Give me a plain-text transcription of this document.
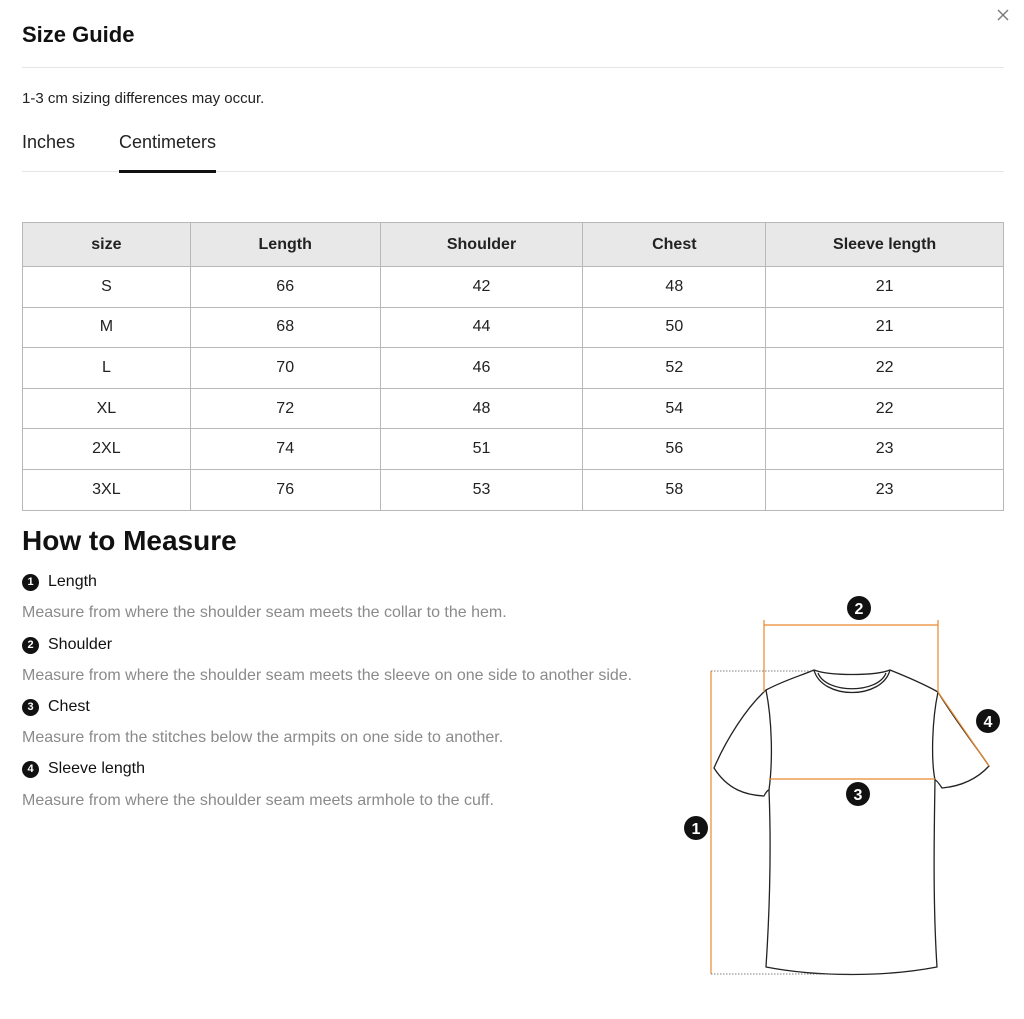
Size Guide

1-3 cm sizing differences may occur.

Inches Centimeters
size	Length	Shoulder	Chest	Sleeve length
S	66	42	48	21
M	68	44	50	21
L	70	46	52	22
XL	72	48	54	22
2XL	74	51	56	23
3XL	76	53	58	23
How to Measure
1 Length

Measure from where the shoulder seam meets the collar to the hem.

2 Shoulder

Measure from where the shoulder seam meets the sleeve on one side to another side.

3 Chest

Measure from the stitches below the armpits on one side to another.

4 Sleeve length

Measure from where the shoulder seam meets armhole to the cuff.

1
2
3
4
